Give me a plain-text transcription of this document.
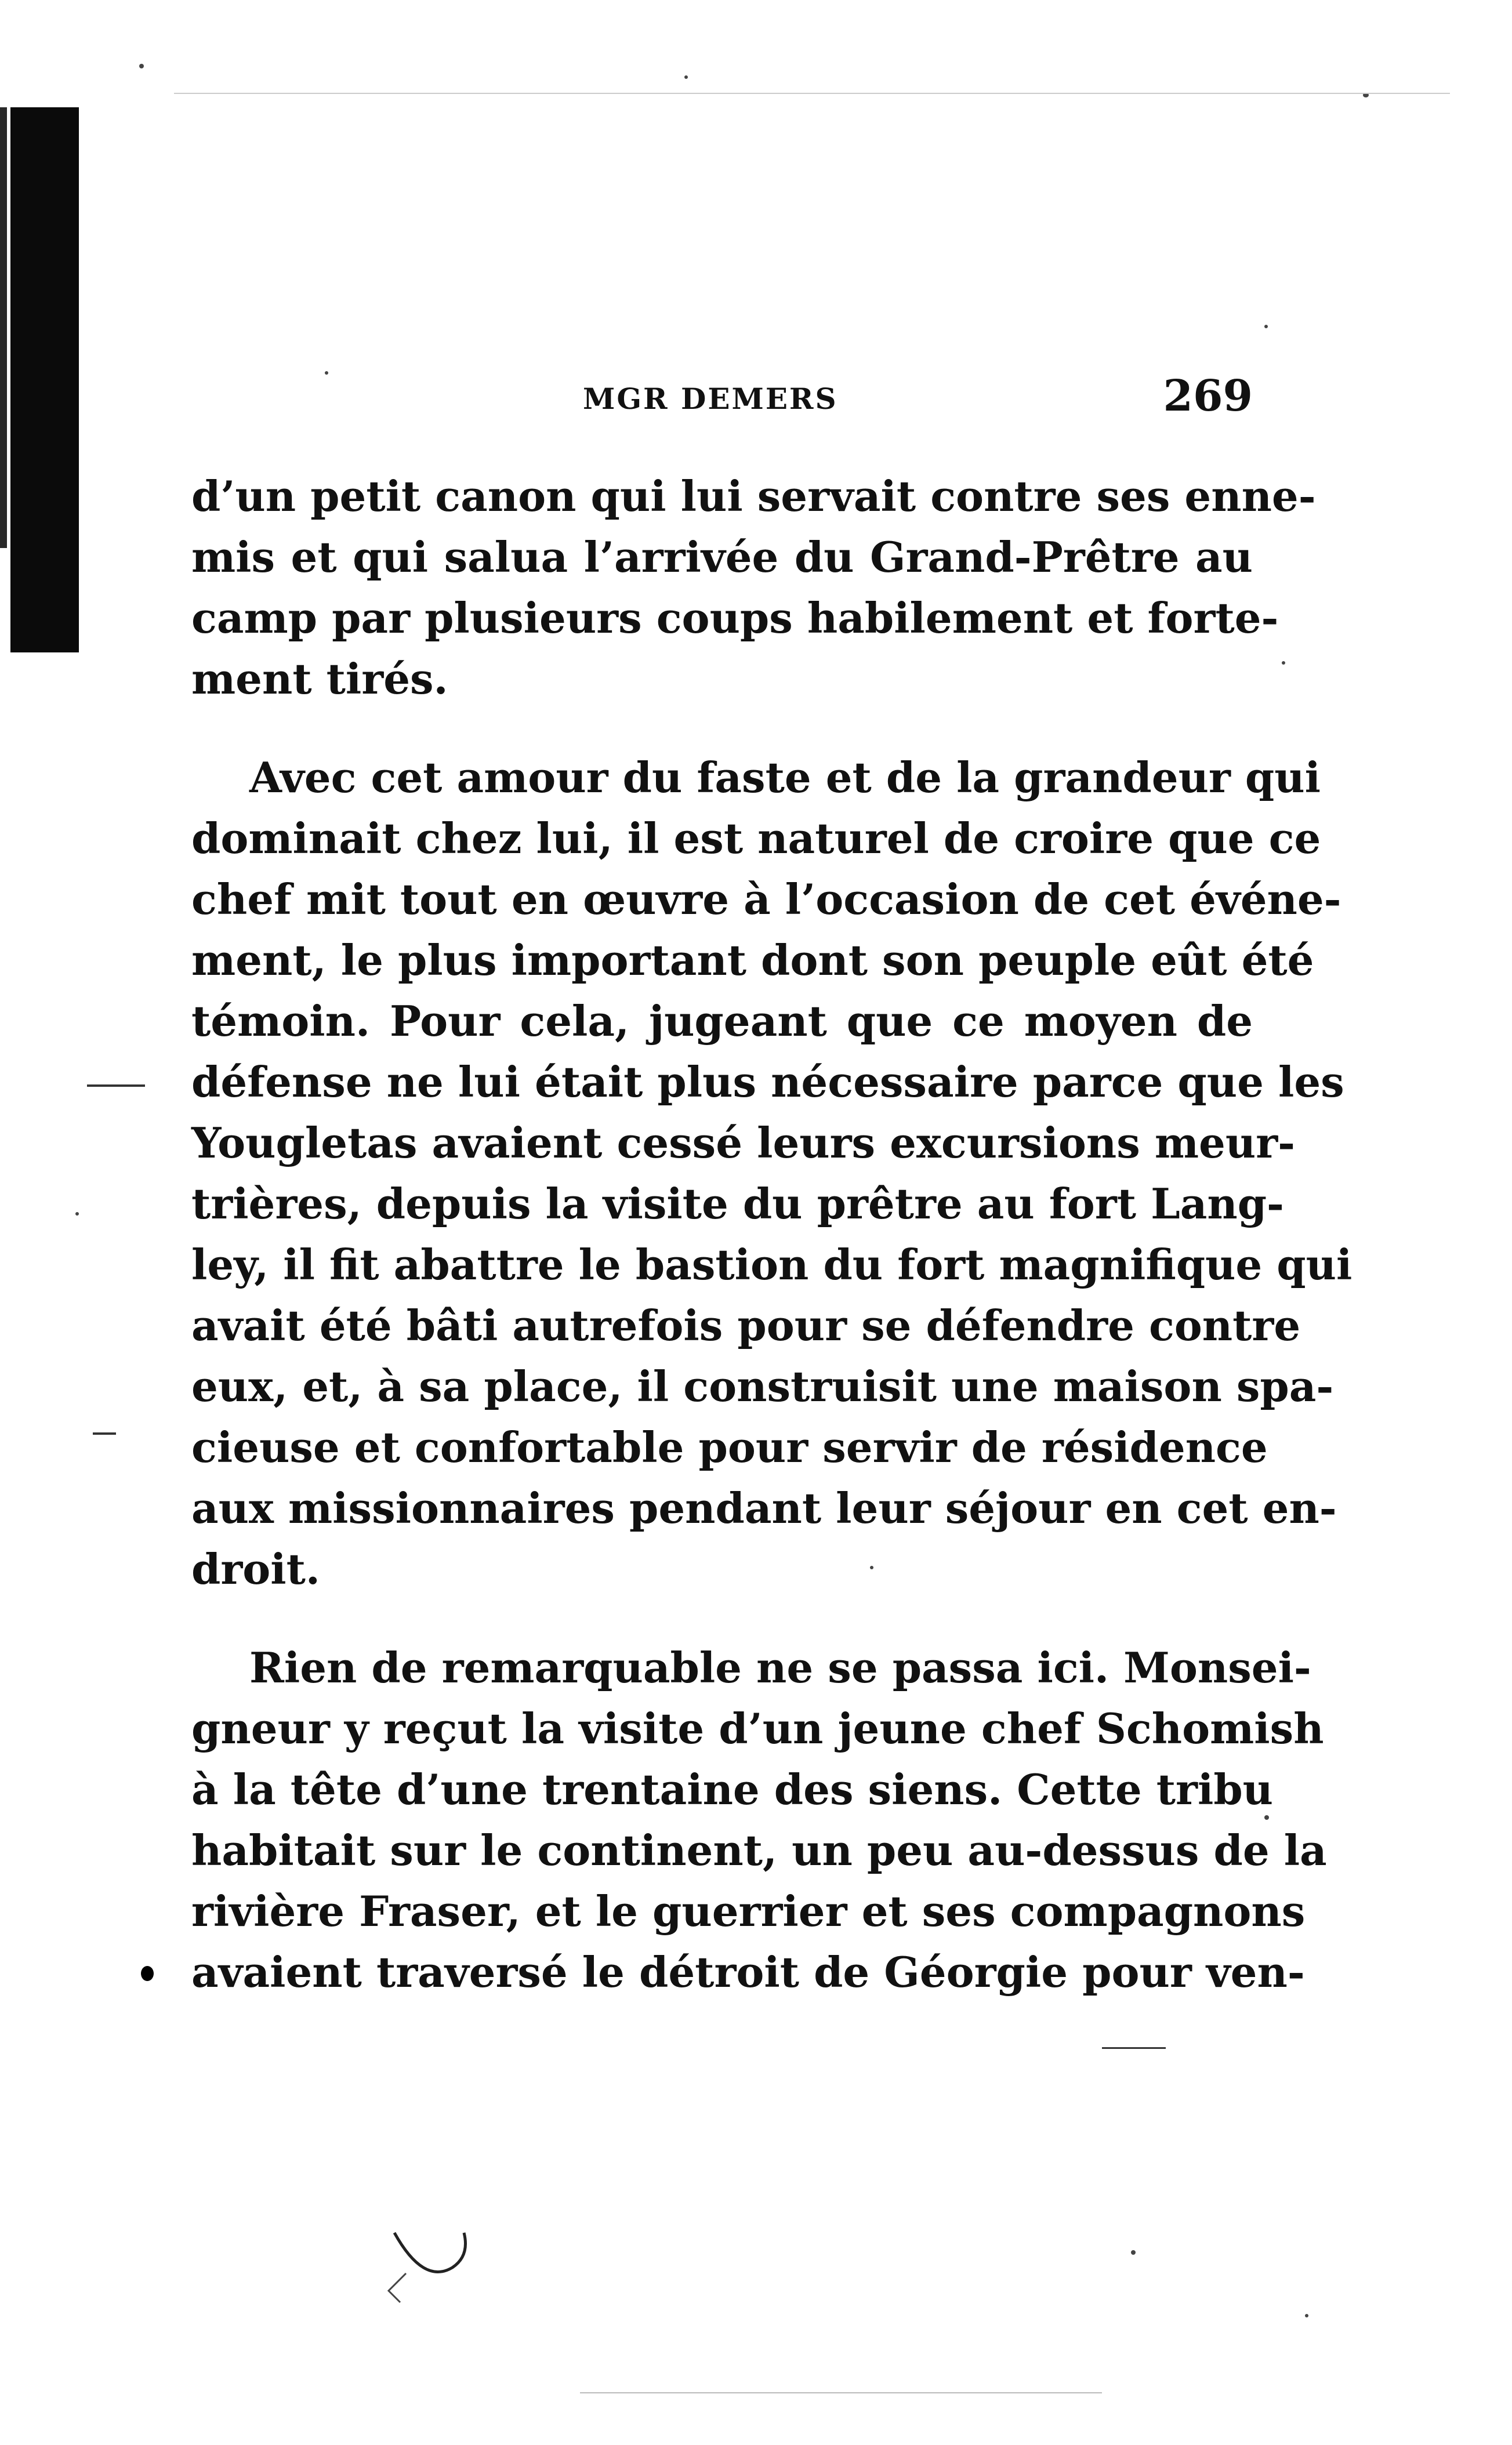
MGR DEMERS	269
d’un petit canon qui lui servait contre ses enne-
mis et qui salua l’arrivée du Grand-Prêtre au
camp par plusieurs coups habilement et forte-
ment tirés.
Avec cet amour du faste et de la grandeur qui
dominait chez lui, il est naturel de croire que ce
chef mit tout en œuvre à l’occasion de cet événe-
ment, le plus important dont son peuple eût été
témoin. Pour cela, jugeant que ce moyen de
défense ne lui était plus nécessaire parce que les
Yougletas avaient cessé leurs excursions meur-
trières, depuis la visite du prêtre au fort Lang-
ley, il fit abattre le bastion du fort magnifique qui
avait été bâti autrefois pour se défendre contre
eux, et, à sa place, il construisit une maison spa-
cieuse et confortable pour servir de résidence
aux missionnaires pendant leur séjour en cet en-
droit.
Rien de remarquable ne se passa ici. Monsei-
gneur y reçut la visite d’un jeune chef Schomish
à la tête d’une trentaine des siens. Cette tribu
habitait sur le continent, un peu au-dessus de la
rivière Fraser, et le guerrier et ses compagnons
avaient traversé le détroit de Géorgie pour ven-
